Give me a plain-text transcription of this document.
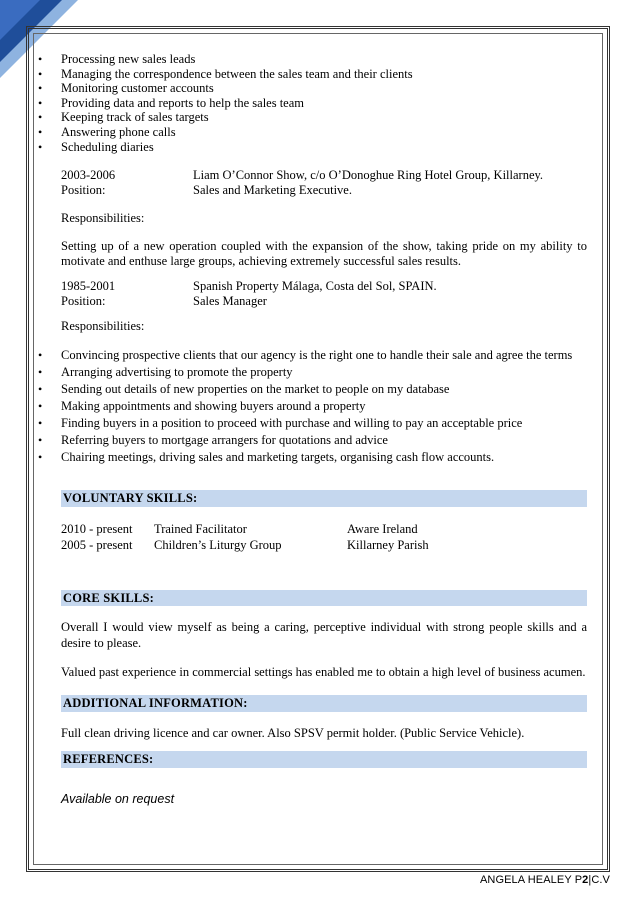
• Processing new sales leads
• Managing the correspondence between the sales team and their clients
• Monitoring customer accounts
• Providing data and reports to help the sales team
• Keeping track of sales targets
• Answering phone calls
• Scheduling diaries
2003-2006	Liam O’Connor Show, c/o O’Donoghue Ring Hotel Group, Killarney.
Position:	Sales and Marketing Executive.
Responsibilities:
Setting up of a new operation coupled with the expansion of the show, taking pride on my ability to motivate and enthuse large groups, achieving extremely successful sales results.
1985-2001	Spanish Property Málaga, Costa del Sol, SPAIN.
Position:	Sales Manager
Responsibilities:
• Convincing prospective clients that our agency is the right one to handle their sale and agree the terms
• Arranging advertising to promote the property
• Sending out details of new properties on the market to people on my database
• Making appointments and showing buyers around a property
• Finding buyers in a position to proceed with purchase and willing to pay an acceptable price
• Referring buyers to mortgage arrangers for quotations and advice
• Chairing meetings, driving sales and marketing targets, organising cash flow accounts.
VOLUNTARY SKILLS:
2010 - present	Trained Facilitator	Aware Ireland
2005 - present	Children’s Liturgy Group	Killarney Parish
CORE SKILLS:
Overall I would view myself as being a caring, perceptive individual with strong people skills and a desire to please.
Valued past experience in commercial settings has enabled me to obtain a high level of business acumen.
ADDITIONAL INFORMATION:
Full clean driving licence and car owner. Also SPSV permit holder. (Public Service Vehicle).
REFERENCES:
Available on request
ANGELA HEALEY P2|C.V
